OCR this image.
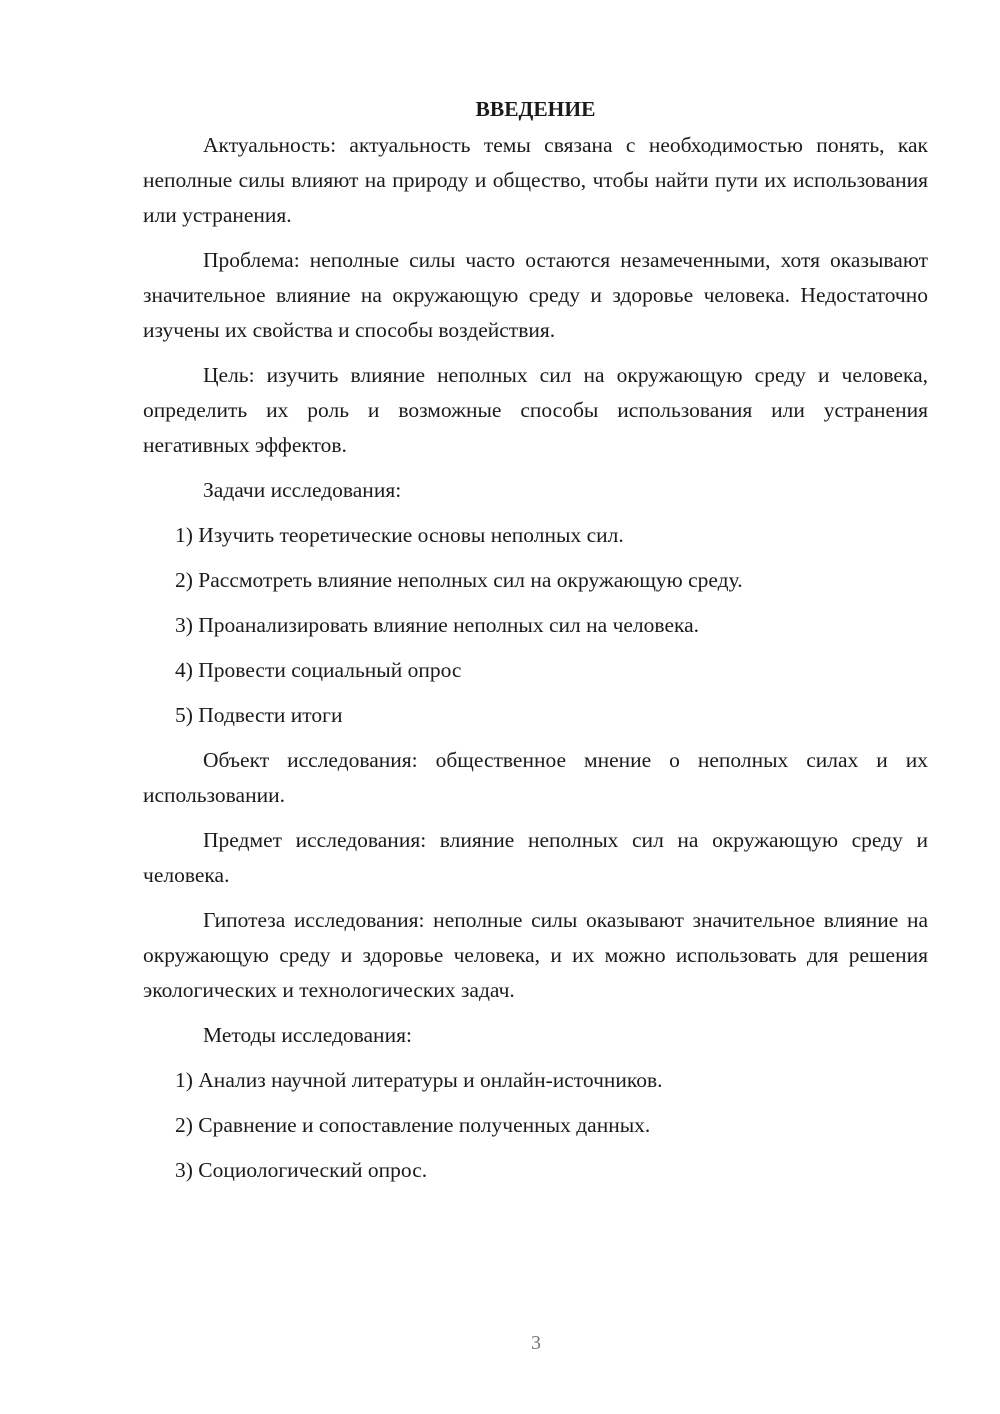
ВВЕДЕНИЕ

Актуальность: актуальность темы связана с необходимостью понять, как неполные силы влияют на природу и общество, чтобы найти пути их использования или устранения.

Проблема: неполные силы часто остаются незамеченными, хотя оказывают значительное влияние на окружающую среду и здоровье человека. Недостаточно изучены их свойства и способы воздействия.

Цель: изучить влияние неполных сил на окружающую среду и человека, определить их роль и возможные способы использования или устранения негативных эффектов.

Задачи исследования:

1) Изучить теоретические основы неполных сил.

2) Рассмотреть влияние неполных сил на окружающую среду.

3) Проанализировать влияние неполных сил на человека.

4) Провести социальный опрос

5) Подвести итоги

Объект исследования: общественное мнение о неполных силах и их использовании.

Предмет исследования: влияние неполных сил на окружающую среду и человека.

Гипотеза исследования: неполные силы оказывают значительное влияние на окружающую среду и здоровье человека, и их можно использовать для решения экологических и технологических задач.

Методы исследования:

1) Анализ научной литературы и онлайн-источников.

2) Сравнение и сопоставление полученных данных.

3) Социологический опрос.

3
